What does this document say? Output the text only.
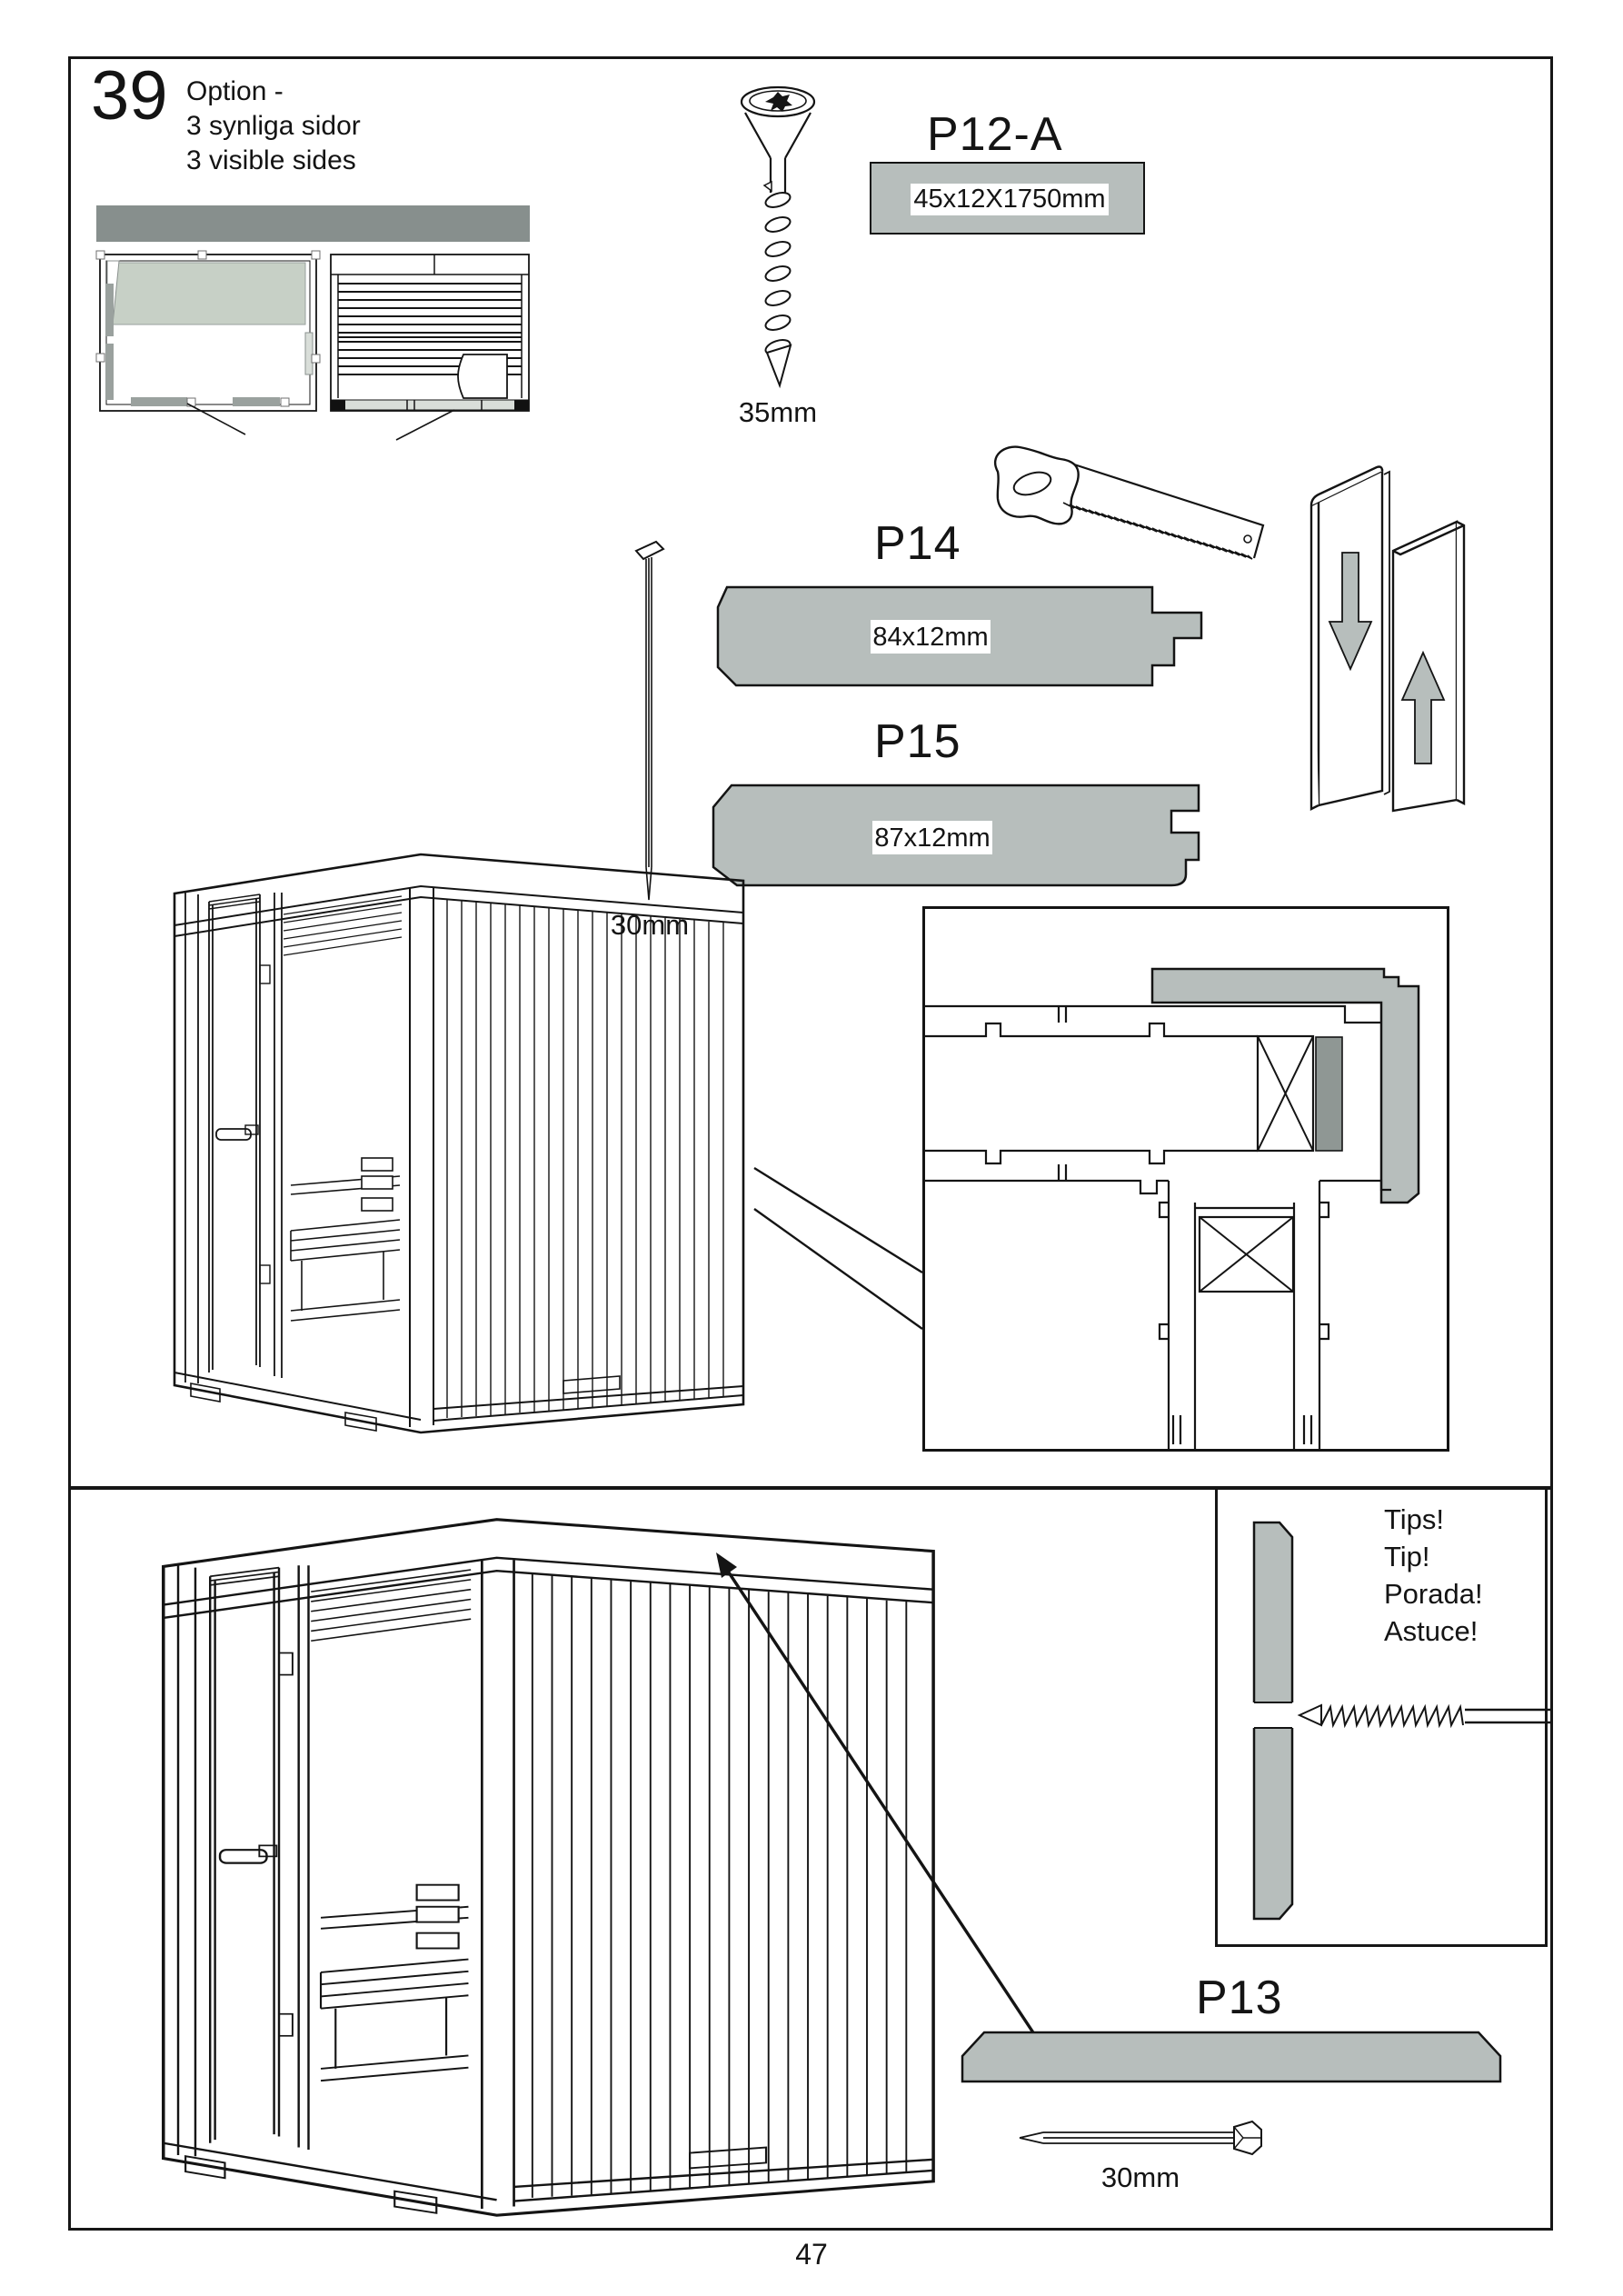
39 Option -
3 synliga sidor
3 visible sides
35mm
P12-A
45x12X1750mm
30mm
P14
84x12mm
P15
87x12mm
Tips!
Tip!
Porada!
Astuce!
P13
30mm
47
